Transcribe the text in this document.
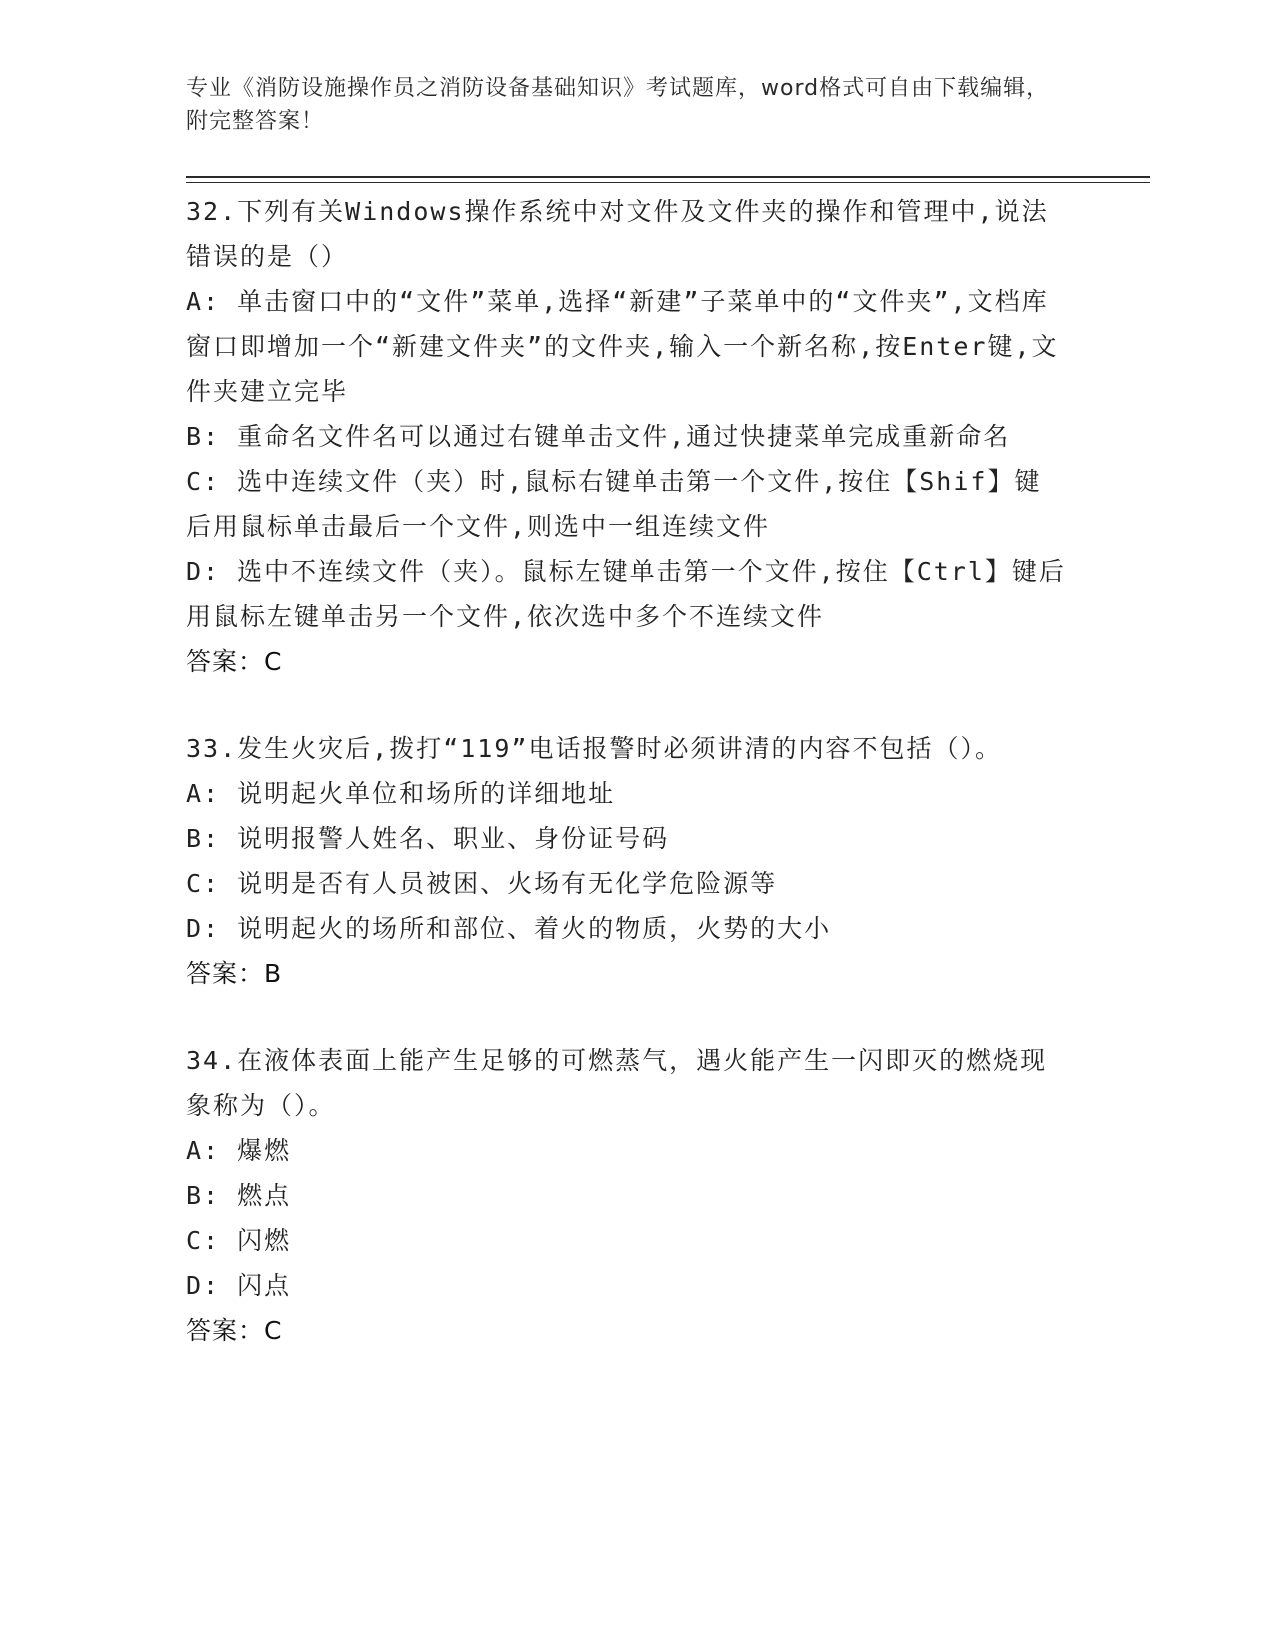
专业《消防设施操作员之消防设备基础知识》考试题库，word格式可自由下载编辑，附完整答案！
32.下列有关Windows操作系统中对文件及文件夹的操作和管理中,说法错误的是（）
A: 单击窗口中的“文件”菜单,选择“新建”子菜单中的“文件夹”,文档库窗口即增加一个“新建文件夹”的文件夹,输入一个新名称,按Enter键,文件夹建立完毕
B: 重命名文件名可以通过右键单击文件,通过快捷菜单完成重新命名
C: 选中连续文件（夹）时,鼠标右键单击第一个文件,按住【Shif】键后用鼠标单击最后一个文件,则选中一组连续文件
D: 选中不连续文件（夹）。鼠标左键单击第一个文件,按住【Ctrl】键后用鼠标左键单击另一个文件,依次选中多个不连续文件
答案：C
33.发生火灾后,拨打“119”电话报警时必须讲清的内容不包括（）。
A: 说明起火单位和场所的详细地址
B: 说明报警人姓名、职业、身份证号码
C: 说明是否有人员被困、火场有无化学危险源等
D: 说明起火的场所和部位、着火的物质，火势的大小
答案：B
34.在液体表面上能产生足够的可燃蒸气，遇火能产生一闪即灭的燃烧现象称为（）。
A: 爆燃
B: 燃点
C: 闪燃
D: 闪点
答案：C
